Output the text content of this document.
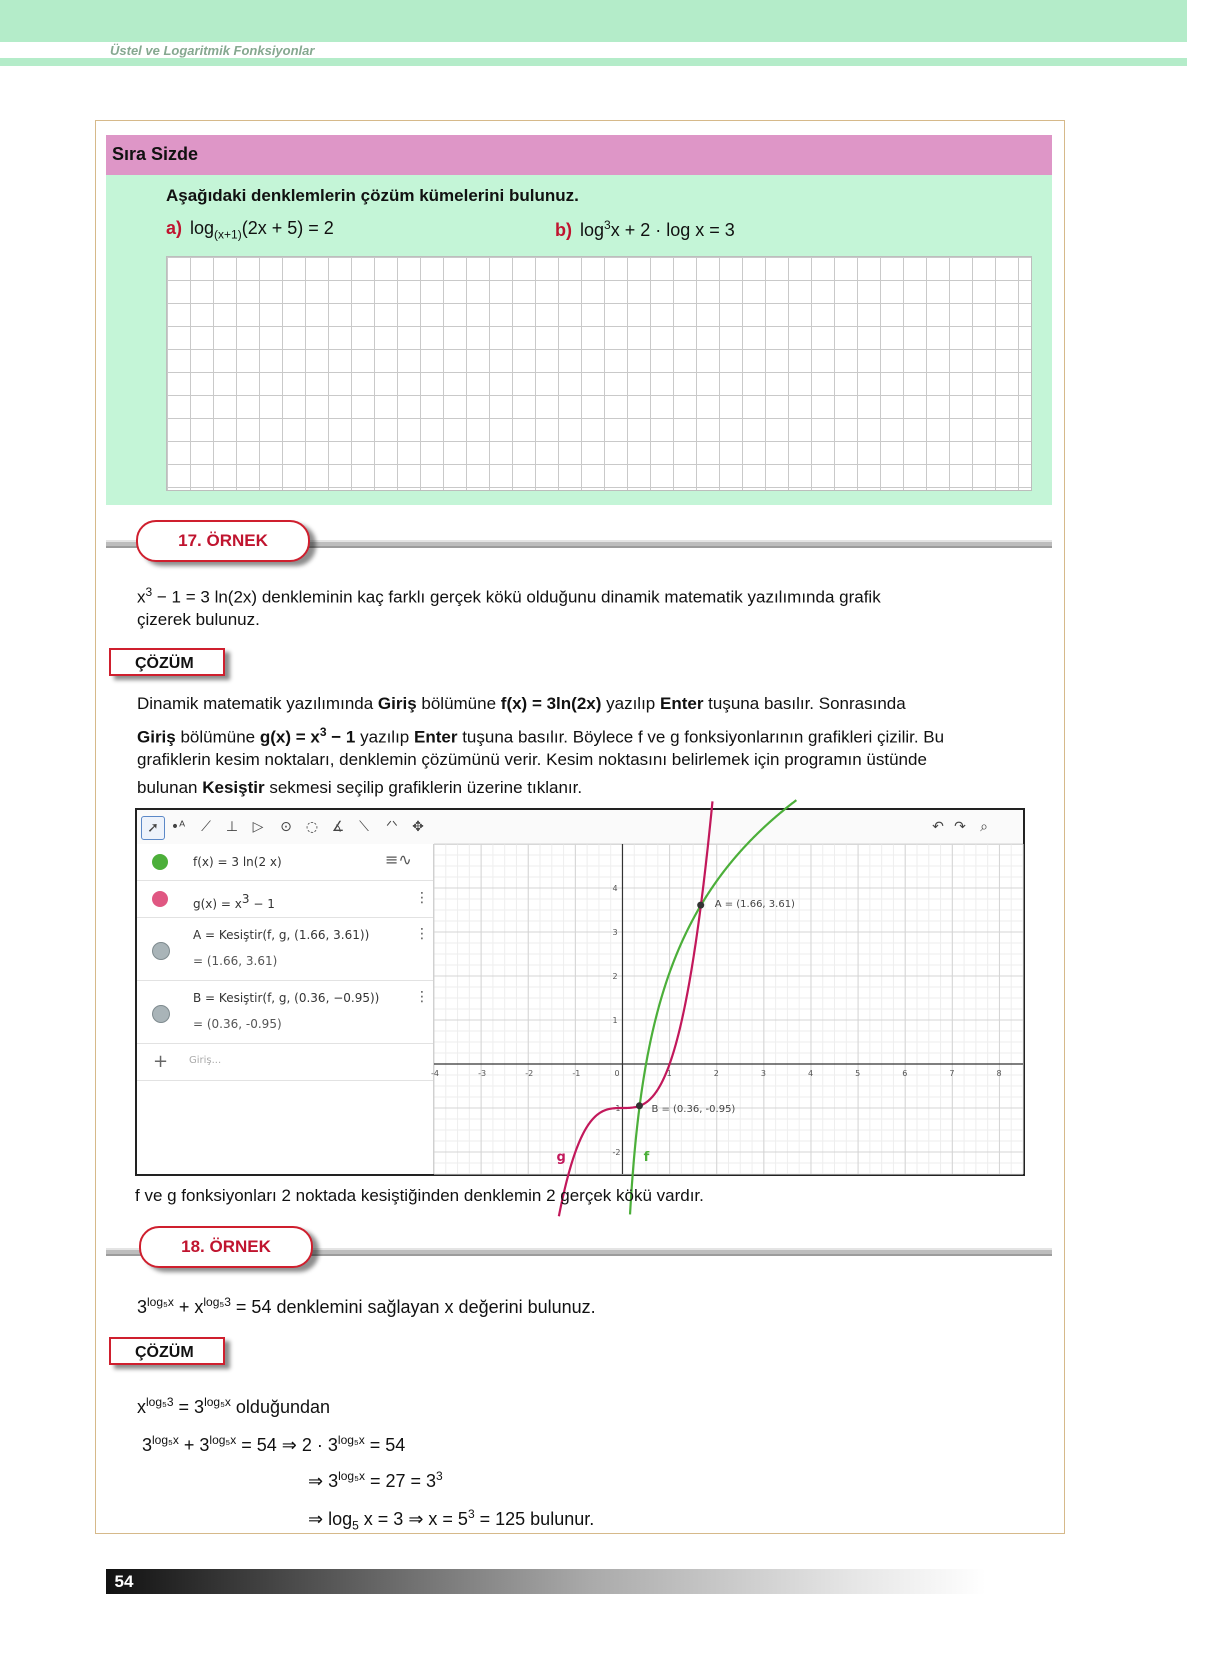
Üstel ve Logaritmik Fonksiyonlar
Sıra Sizde
Aşağıdaki denklemlerin çözüm kümelerini bulunuz.
a) $\log_{(x+1)}(2x + 5) = 2$	b) $\log^3x + 2 \cdot \log x = 3$
17. ÖRNEK
$x^3 - 1 = 3$ ln(2x) denkleminin kaç farklı gerçek kökü olduğunu dinamik matematik yazılımında grafik
çizerek bulunuz.
ÇÖZÜM
Dinamik matematik yazılımında Giriş bölümüne f(x) = 3ln(2x) yazılıp Enter tuşuna basılır. Sonrasında
Giriş bölümüne $g(x) = x^3 - 1$ yazılıp Enter tuşuna basılır. Böylece f ve g fonksiyonlarının grafikleri çizilir. Bu
grafiklerin kesim noktaları, denklemin çözümünü verir. Kesim noktasını belirlemek için programın üstünde
bulunan Kesiştir sekmesi seçilip grafiklerin üzerine tıklanır.
➚ •ᴬ	⟋	⊥	▷	⊙	◌ ∡	⟍	ᐟᐠ	✥	↶ ↷	⌕
f(x) = 3 ln(2 x)	≡∿
$g(x) = x^3 - 1$	⋮
A = Kesiştir(f, g, (1.66, 3.61))
= (1.66, 3.61)
⋮
B = Kesiştir(f, g, (0.36, −0.95))
= (0.36, -0.95)
⋮
+ Giriş...
-4	-3	-2	-1	0	1	2	3	4	5	6	7	8
-2
-1
1
2
3
4
g	f
A = (1.66, 3.61)
B = (0.36, -0.95)
f ve g fonksiyonları 2 noktada kesiştiğinden denklemin 2 gerçek kökü vardır.
18. ÖRNEK
$3^{log_5x} + x^{log_53} = 54$ denklemini sağlayan x değerini bulunuz.
ÇÖZÜM
$x^{log_53} = 3^{log_5x}$ olduğundan
$3^{log_5x} + 3^{log_5x} = 54$ ⇒ $2 \cdot 3^{log_5x} = 54$
⇒ $3^{log_5x} = 27 = 3^3$
⇒ $\log_5 x = 3$ ⇒ $x = 5^3 = 125$ bulunur.
54
